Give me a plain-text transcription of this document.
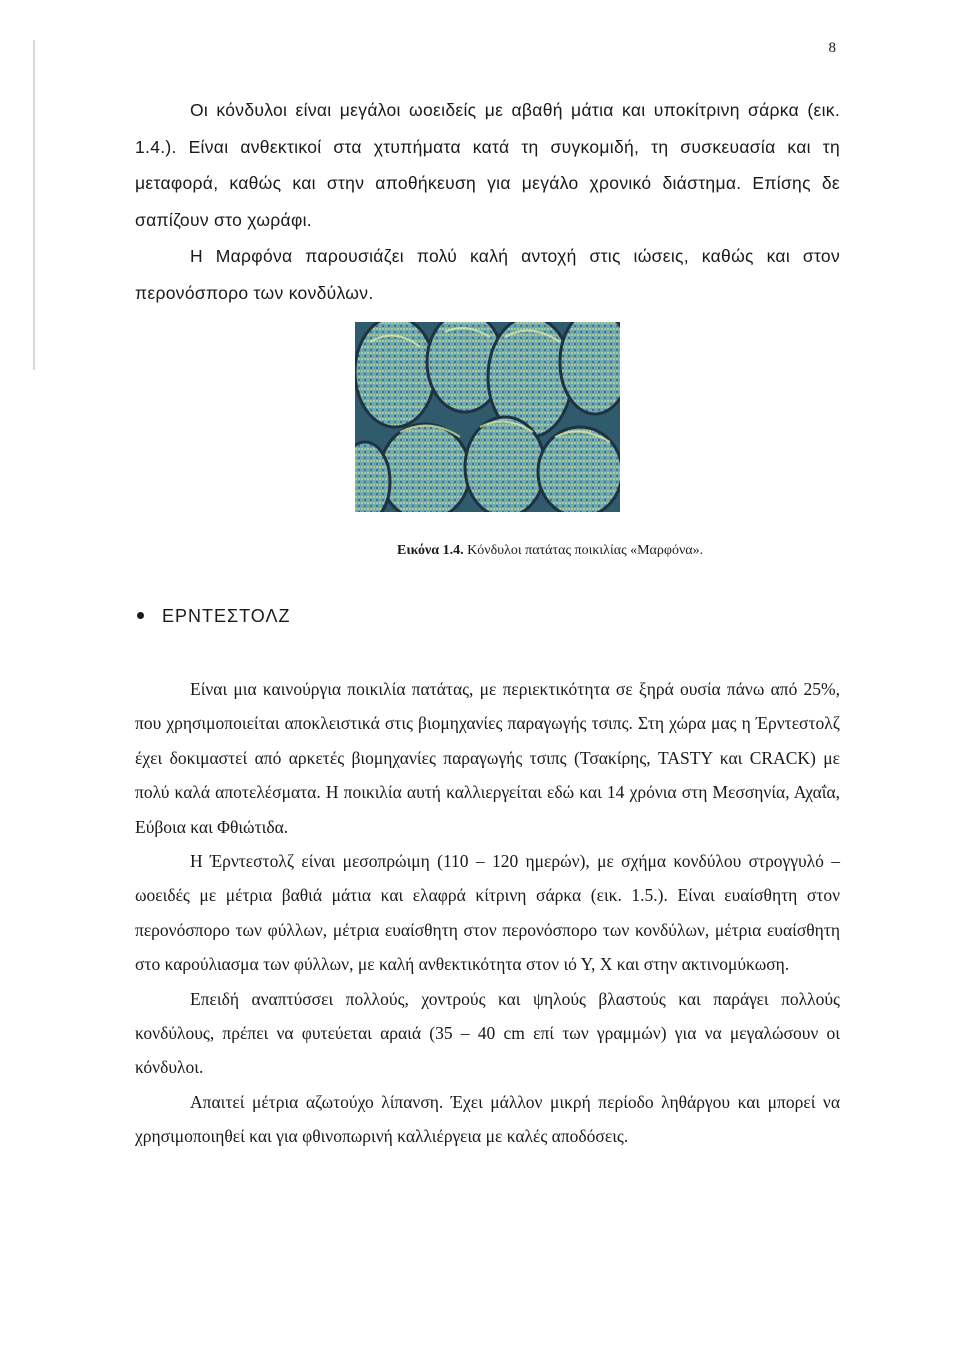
8

Οι κόνδυλοι είναι μεγάλοι ωοειδείς με αβαθή μάτια και υποκίτρινη σάρκα (εικ. 1.4.). Είναι ανθεκτικοί στα χτυπήματα κατά τη συγκομιδή, τη συσκευασία και τη μεταφορά, καθώς και στην αποθήκευση για μεγάλο χρονικό διάστημα. Επίσης δε σαπίζουν στο χωράφι.

Η Μαρφόνα παρουσιάζει πολύ καλή αντοχή στις ιώσεις, καθώς και στον περονόσπορο των κονδύλων.

Εικόνα 1.4. Κόνδυλοι πατάτας ποικιλίας «Μαρφόνα».
ΕΡΝΤΕΣΤΟΛΖ

Είναι μια καινούργια ποικιλία πατάτας, με περιεκτικότητα σε ξηρά ουσία πάνω από 25%, που χρησιμοποιείται αποκλειστικά στις βιομηχανίες παραγωγής τσιπς. Στη χώρα μας η Έρντεστολζ έχει δοκιμαστεί από αρκετές βιομηχανίες παραγωγής τσιπς (Τσακίρης, TASTY και CRACK) με πολύ καλά αποτελέσματα. Η ποικιλία αυτή καλλιεργείται εδώ και 14 χρόνια στη Μεσσηνία, Αχαΐα, Εύβοια και Φθιώτιδα.

Η Έρντεστολζ είναι μεσοπρώιμη (110 – 120 ημερών), με σχήμα κονδύλου στρογγυλό – ωοειδές με μέτρια βαθιά μάτια και ελαφρά κίτρινη σάρκα (εικ. 1.5.). Είναι ευαίσθητη στον περονόσπορο των φύλλων, μέτρια ευαίσθητη στον περονόσπορο των κονδύλων, μέτρια ευαίσθητη στο καρούλιασμα των φύλλων, με καλή ανθεκτικότητα στον ιό Υ, Χ και στην ακτινομύκωση.

Επειδή αναπτύσσει πολλούς, χοντρούς και ψηλούς βλαστούς και παράγει πολλούς κονδύλους, πρέπει να φυτεύεται αραιά (35 – 40 cm επί των γραμμών) για να μεγαλώσουν οι κόνδυλοι.

Απαιτεί μέτρια αζωτούχο λίπανση. Έχει μάλλον μικρή περίοδο ληθάργου και μπορεί να χρησιμοποιηθεί και για φθινοπωρινή καλλιέργεια με καλές αποδόσεις.
